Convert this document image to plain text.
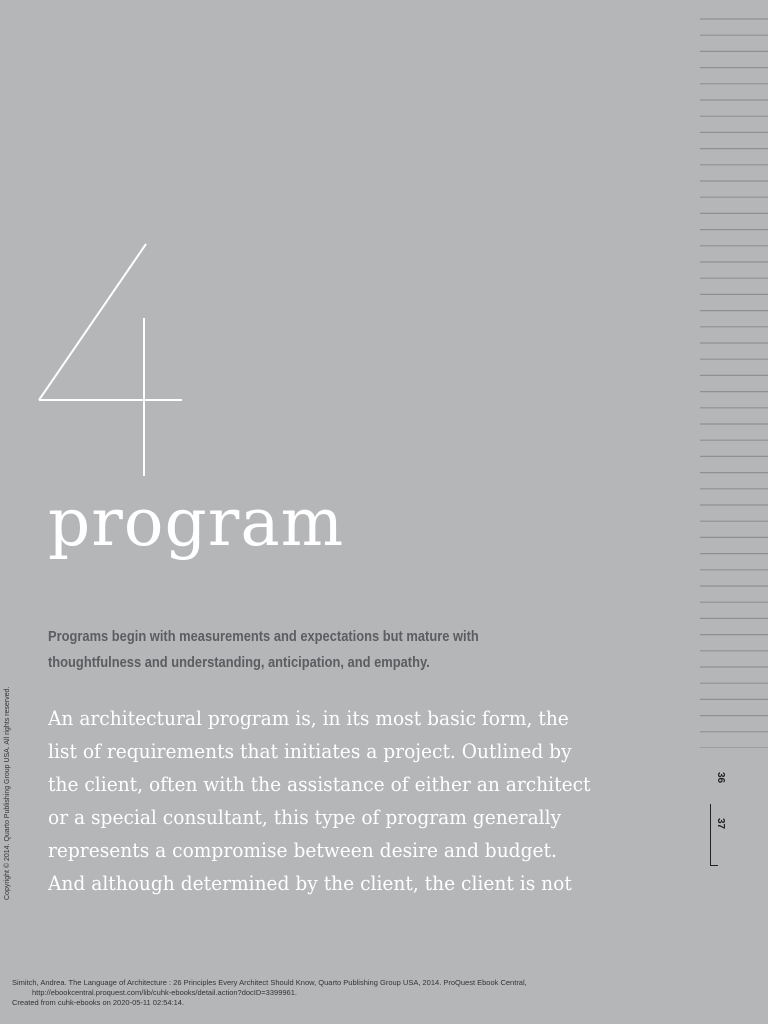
program
Programs begin with measurements and expectations but mature with thoughtfulness and understanding, anticipation, and empathy.
An architectural program is, in its most basic form, the
list of requirements that initiates a project. Outlined by
the client, often with the assistance of either an architect
or a special consultant, this type of program generally
represents a compromise between desire and budget.
And although determined by the client, the client is not
36
37
Copyright © 2014. Quarto Publishing Group USA. All rights reserved.
Simitch, Andrea. The Language of Architecture : 26 Principles Every Architect Should Know, Quarto Publishing Group USA, 2014. ProQuest Ebook Central,
http://ebookcentral.proquest.com/lib/cuhk-ebooks/detail.action?docID=3399961.
Created from cuhk-ebooks on 2020-05-11 02:54:14.
